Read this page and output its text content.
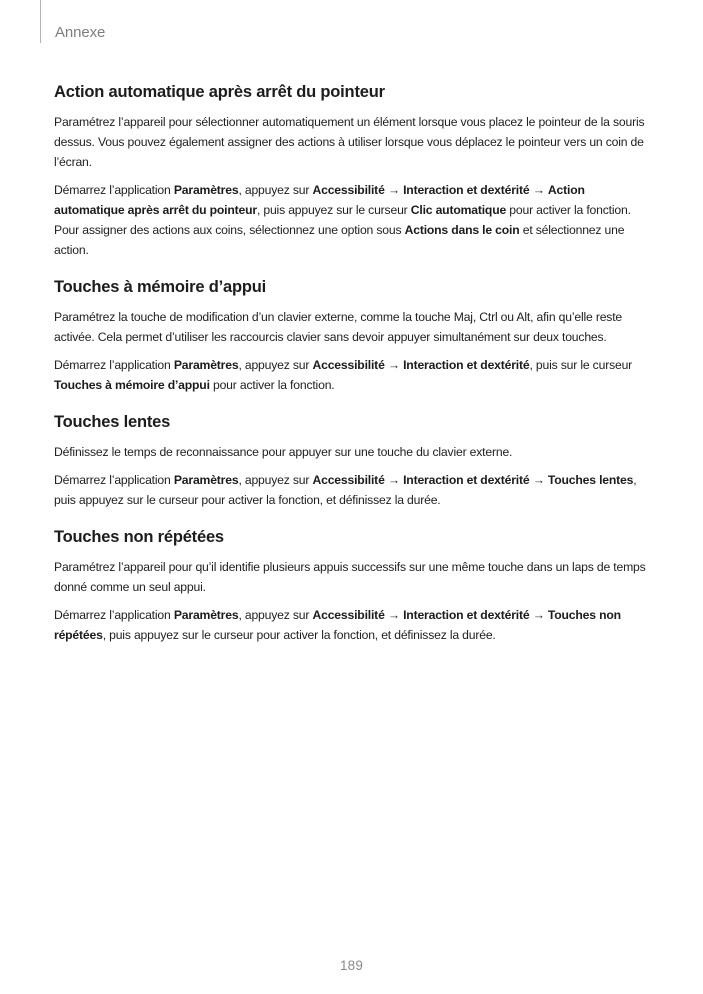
Annexe
Action automatique après arrêt du pointeur

Paramétrez l’appareil pour sélectionner automatiquement un élément lorsque vous placez le pointeur de la souris dessus. Vous pouvez également assigner des actions à utiliser lorsque vous déplacez le pointeur vers un coin de l’écran.

Démarrez l’application Paramètres, appuyez sur Accessibilité → Interaction et dextérité → Action automatique après arrêt du pointeur, puis appuyez sur le curseur Clic automatique pour activer la fonction. Pour assigner des actions aux coins, sélectionnez une option sous Actions dans le coin et sélectionnez une action.

Touches à mémoire d’appui

Paramétrez la touche de modification d’un clavier externe, comme la touche Maj, Ctrl ou Alt, afin qu’elle reste activée. Cela permet d’utiliser les raccourcis clavier sans devoir appuyer simultanément sur deux touches.

Démarrez l’application Paramètres, appuyez sur Accessibilité → Interaction et dextérité, puis sur le curseur Touches à mémoire d’appui pour activer la fonction.

Touches lentes

Définissez le temps de reconnaissance pour appuyer sur une touche du clavier externe.

Démarrez l’application Paramètres, appuyez sur Accessibilité → Interaction et dextérité → Touches lentes, puis appuyez sur le curseur pour activer la fonction, et définissez la durée.

Touches non répétées

Paramétrez l’appareil pour qu’il identifie plusieurs appuis successifs sur une même touche dans un laps de temps donné comme un seul appui.

Démarrez l’application Paramètres, appuyez sur Accessibilité → Interaction et dextérité → Touches non répétées, puis appuyez sur le curseur pour activer la fonction, et définissez la durée.

189
